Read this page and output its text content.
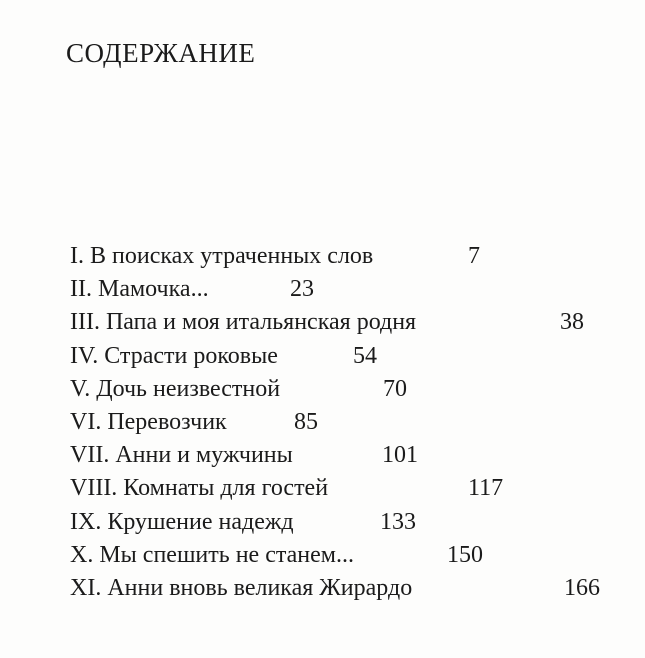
СОДЕРЖАНИЕ
I. В поисках утраченных слов	7
II. Мамочка...	23
III. Папа и моя итальянская родня	38
IV. Страсти роковые	54
V. Дочь неизвестной	70
VI. Перевозчик	85
VII. Анни и мужчины	101
VIII. Комнаты для гостей	117
IX. Крушение надежд	133
X. Мы спешить не станем...	150
XI. Анни вновь великая Жирардо	166
